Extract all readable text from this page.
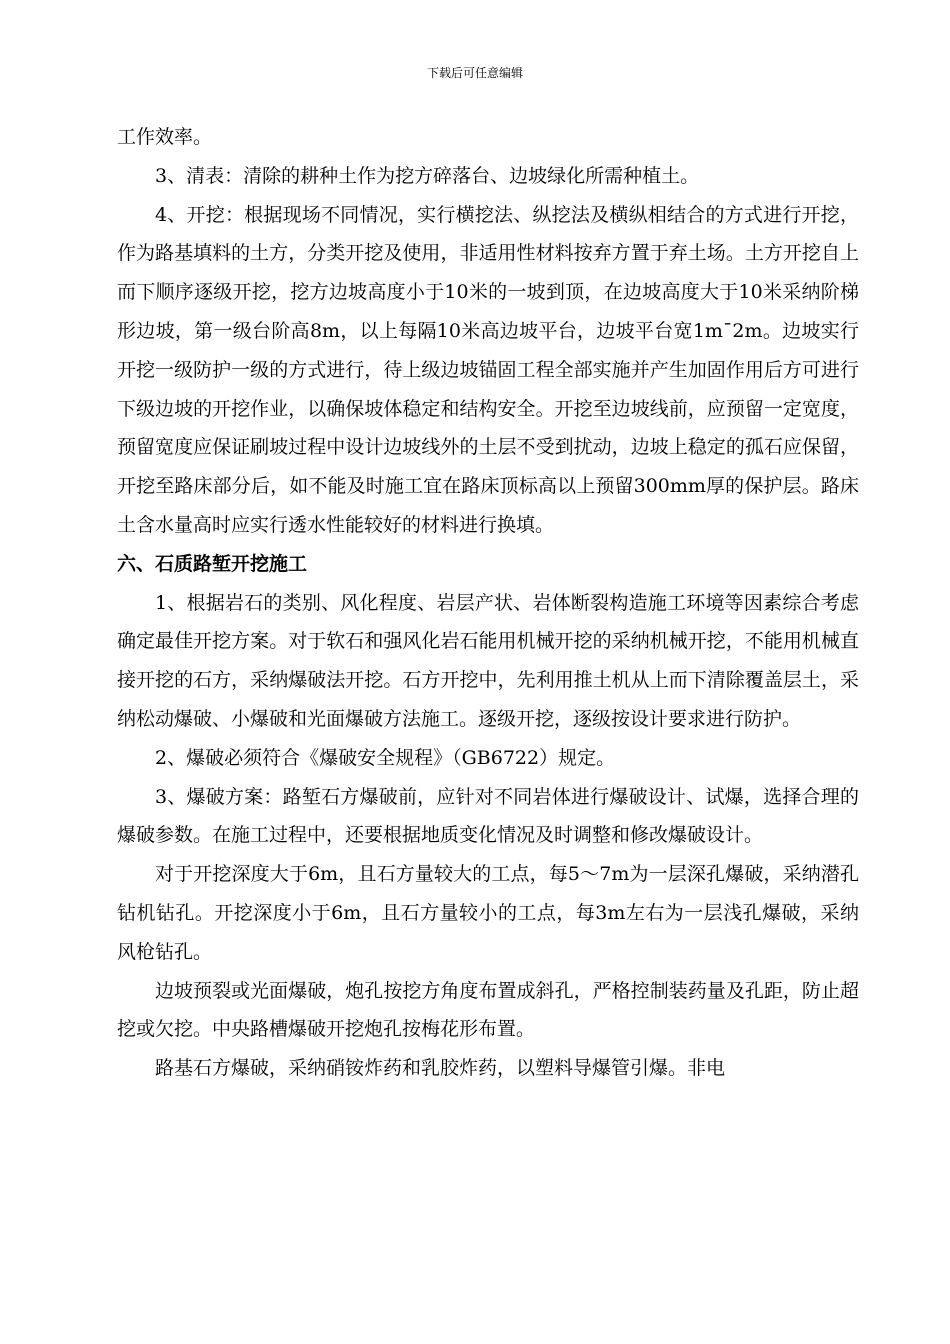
下载后可任意编辑

工作效率。

3、清表：清除的耕种土作为挖方碎落台、边坡绿化所需种植土。

4、开挖：根据现场不同情况，实行横挖法、纵挖法及横纵相结合的方式进行开挖，作为路基填料的土方，分类开挖及使用，非适用性材料按弃方置于弃土场。土方开挖自上而下顺序逐级开挖，挖方边坡高度小于10米的一坡到顶，在边坡高度大于10米采纳阶梯形边坡，第一级台阶高8m，以上每隔10米高边坡平台，边坡平台宽1m¯2m。边坡实行开挖一级防护一级的方式进行，待上级边坡锚固工程全部实施并产生加固作用后方可进行下级边坡的开挖作业，以确保坡体稳定和结构安全。开挖至边坡线前，应预留一定宽度，预留宽度应保证刷坡过程中设计边坡线外的土层不受到扰动，边坡上稳定的孤石应保留， 开挖至路床部分后，如不能及时施工宜在路床顶标高以上预留300mm厚的保护层。路床土含水量高时应实行透水性能较好的材料进行换填。

六、石质路堑开挖施工

1、根据岩石的类别、风化程度、岩层产状、岩体断裂构造施工环境等因素综合考虑确定最佳开挖方案。对于软石和强风化岩石能用机械开挖的采纳机械开挖，不能用机械直接开挖的石方，采纳爆破法开挖。石方开挖中，先利用推土机从上而下清除覆盖层土，采纳松动爆破、小爆破和光面爆破方法施工。逐级开挖，逐级按设计要求进行防护。

2、爆破必须符合《爆破安全规程》（GB6722）规定。

3、爆破方案：路堑石方爆破前，应针对不同岩体进行爆破设计、试爆，选择合理的爆破参数。在施工过程中，还要根据地质变化情况及时调整和修改爆破设计。

对于开挖深度大于6m，且石方量较大的工点，每5～7m为一层深孔爆破，采纳潜孔钻机钻孔。开挖深度小于6m，且石方量较小的工点，每3m左右为一层浅孔爆破，采纳风枪钻孔。

边坡预裂或光面爆破，炮孔按挖方角度布置成斜孔，严格控制装药量及孔距，防止超挖或欠挖。中央路槽爆破开挖炮孔按梅花形布置。

路基石方爆破，采纳硝铵炸药和乳胶炸药，以塑料导爆管引爆。非电
